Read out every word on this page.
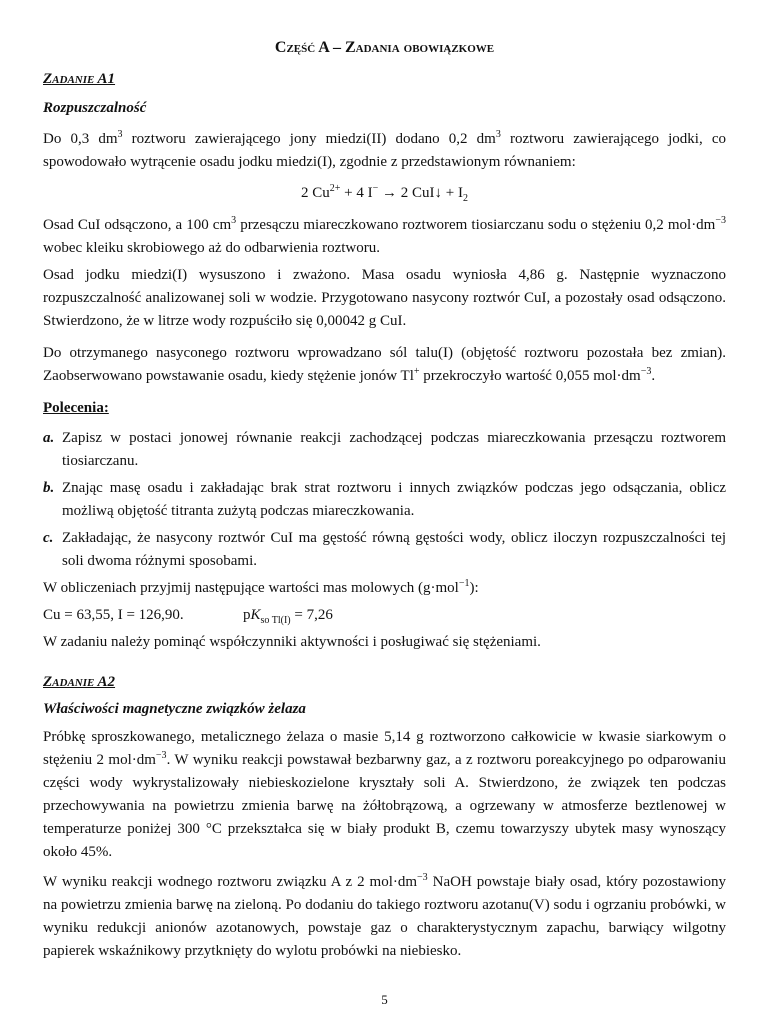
Część A – Zadania obowiązkowe
Zadanie A1
Rozpuszczalność
Do 0,3 $dm^3$ roztworu zawierającego jony miedzi(II) dodano 0,2 $dm^3$ roztworu zawierającego jodki, co spowodowało wytrącenie osadu jodku miedzi(I), zgodnie z przedstawionym równaniem:
2 $Cu^{2+} + 4$ I− → 2 CuI↓ + $I_2$
Osad CuI odsączono, a 100 $cm^3$ przesączu miareczkowano roztworem tiosiarczanu sodu o stężeniu 0,2 $mol\cdot dm^{-3}$ wobec kleiku skrobiowego aż do odbarwienia roztworu.
Osad jodku miedzi(I) wysuszono i zważono. Masa osadu wyniosła 4,86 g. Następnie wyznaczono rozpuszczalność analizowanej soli w wodzie. Przygotowano nasycony roztwór CuI, a pozostały osad odsączono. Stwierdzono, że w litrze wody rozpuściło się 0,00042 g CuI.
Do otrzymanego nasyconego roztworu wprowadzano sól talu(I) (objętość roztworu pozostała bez zmian). Zaobserwowano powstawanie osadu, kiedy stężenie jonów Tl+ przekroczyło wartość 0,055 $mol\cdot dm^{-3}$.
Polecenia:
a. Zapisz w postaci jonowej równanie reakcji zachodzącej podczas miareczkowania przesączu roztworem tiosiarczanu.
b. Znając masę osadu i zakładając brak strat roztworu i innych związków podczas jego odsączania, oblicz możliwą objętość titranta zużytą podczas miareczkowania.
c. Zakładając, że nasycony roztwór CuI ma gęstość równą gęstości wody, oblicz iloczyn rozpuszczalności tej soli dwoma różnymi sposobami.
W obliczeniach przyjmij następujące wartości mas molowych (g·mol$^{-1}$):
Cu = 63,55, I = 126,90.	$pK_{so Tl(I)} = 7,26$
W zadaniu należy pominąć współczynniki aktywności i posługiwać się stężeniami.
Zadanie A2
Właściwości magnetyczne związków żelaza
Próbkę sproszkowanego, metalicznego żelaza o masie 5,14 g roztworzono całkowicie w kwasie siarkowym o stężeniu 2 $mol\cdot dm^{-3}$. W wyniku reakcji powstawał bezbarwny gaz, a z roztworu poreakcyjnego po odparowaniu części wody wykrystalizowały niebieskozielone kryształy soli A. Stwierdzono, że związek ten podczas przechowywania na powietrzu zmienia barwę na żółtobrązową, a ogrzewany w atmosferze beztlenowej w temperaturze poniżej 300 °C przekształca się w biały produkt B, czemu towarzyszy ubytek masy wynoszący około 45%.
W wyniku reakcji wodnego roztworu związku A z 2 $mol\cdot dm^{-3}$ NaOH powstaje biały osad, który pozostawiony na powietrzu zmienia barwę na zieloną. Po dodaniu do takiego roztworu azotanu(V) sodu i ogrzaniu probówki, w wyniku redukcji anionów azotanowych, powstaje gaz o charakterystycznym zapachu, barwiący wilgotny papierek wskaźnikowy przytknięty do wylotu probówki na niebiesko.
5
